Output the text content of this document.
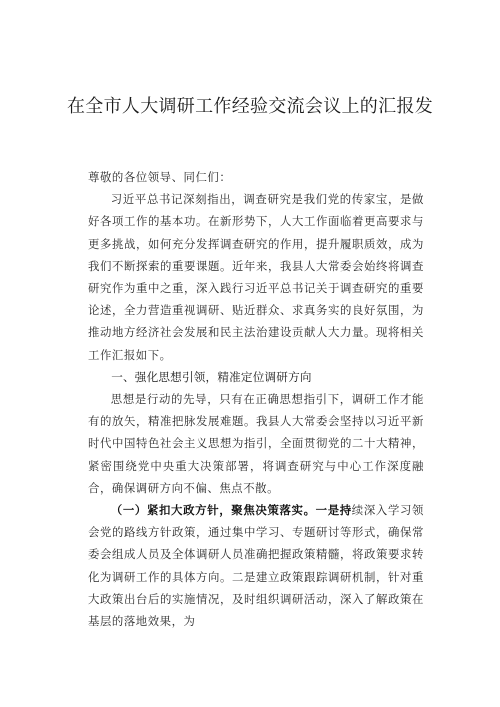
在全市人大调研工作经验交流会议上的汇报发

尊敬的各位领导、同仁们：

习近平总书记深刻指出，调查研究是我们党的传家宝，是做好各项工作的基本功。在新形势下，人大工作面临着更高要求与更多挑战，如何充分发挥调查研究的作用，提升履职质效，成为我们不断探索的重要课题。近年来，我县人大常委会始终将调查研究作为重中之重，深入践行习近平总书记关于调查研究的重要论述，全力营造重视调研、贴近群众、求真务实的良好氛围，为推动地方经济社会发展和民主法治建设贡献人大力量。现将相关工作汇报如下。

一、强化思想引领，精准定位调研方向

思想是行动的先导，只有在正确思想指引下，调研工作才能有的放矢，精准把脉发展难题。我县人大常委会坚持以习近平新时代中国特色社会主义思想为指引，全面贯彻党的二十大精神，紧密围绕党中央重大决策部署，将调查研究与中心工作深度融合，确保调研方向不偏、焦点不散。

（一）紧扣大政方针，聚焦决策落实。一是持续深入学习领会党的路线方针政策，通过集中学习、专题研讨等形式，确保常委会组成人员及全体调研人员准确把握政策精髓，将政策要求转化为调研工作的具体方向。二是建立政策跟踪调研机制，针对重大政策出台后的实施情况，及时组织调研活动，深入了解政策在基层的落地效果，为
